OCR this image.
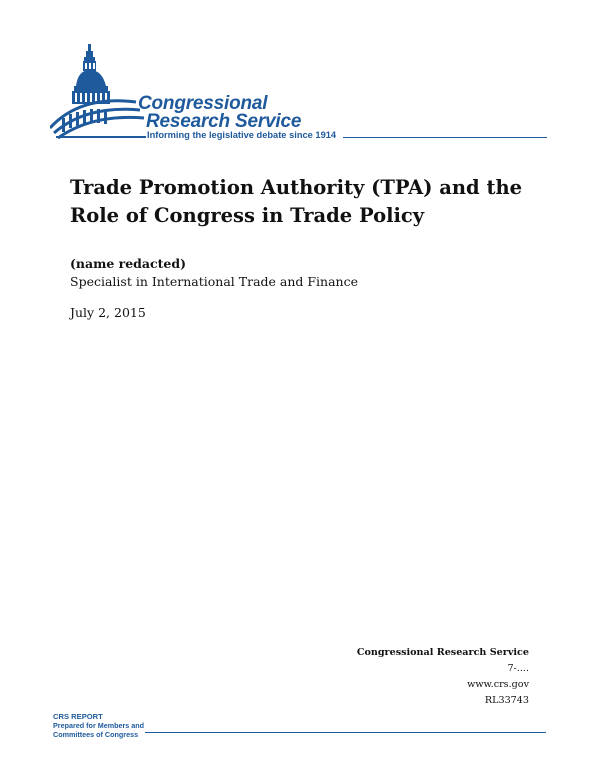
Congressional
Research Service
Informing the legislative debate since 1914
Trade Promotion Authority (TPA) and the Role of Congress in Trade Policy
(name redacted)
Specialist in International Trade and Finance
July 2, 2015
Congressional Research Service
7-....
www.crs.gov
RL33743
CRS REPORT
Prepared for Members and
Committees of Congress
